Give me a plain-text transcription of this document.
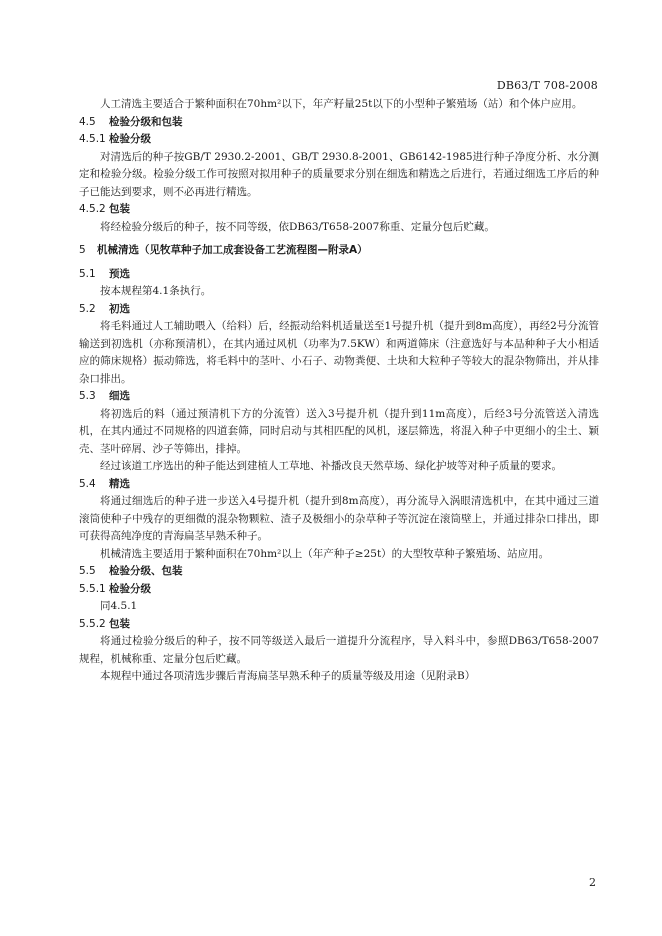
DB63/T 708-2008

人工清选主要适合于繁种面积在70hm²以下，年产籽量25t以下的小型种子繁殖场（站）和个体户应用。

4.5 检验分级和包装
4.5.1 检验分级

对清选后的种子按GB/T 2930.2-2001、GB/T 2930.8-2001、GB6142-1985进行种子净度分析、水分测定和检验分级。检验分级工作可按照对拟用种子的质量要求分别在细选和精选之后进行，若通过细选工序后的种子已能达到要求，则不必再进行精选。

4.5.2 包装

将经检验分级后的种子，按不同等级，依DB63/T658-2007称重、定量分包后贮藏。

5 机械清选（见牧草种子加工成套设备工艺流程图—附录A）
5.1 预选

按本规程第4.1条执行。

5.2 初选

将毛料通过人工辅助喂入（给料）后，经振动给料机适量送至1号提升机（提升到8m高度），再经2号分流管输送到初选机（亦称预清机），在其内通过风机（功率为7.5KW）和两道筛床（注意选好与本品种种子大小相适应的筛床规格）振动筛选，将毛料中的茎叶、小石子、动物粪便、土块和大粒种子等较大的混杂物筛出，并从排杂口排出。

5.3 细选

将初选后的料（通过预清机下方的分流管）送入3号提升机（提升到11m高度），后经3号分流管送入清选机，在其内通过不同规格的四道套筛，同时启动与其相匹配的风机，逐层筛选，将混入种子中更细小的尘土、颖壳、茎叶碎屑、沙子等筛出，排掉。

经过该道工序选出的种子能达到建植人工草地、补播改良天然草场、绿化护坡等对种子质量的要求。

5.4 精选

将通过细选后的种子进一步送入4号提升机（提升到8m高度），再分流导入涡眼清选机中，在其中通过三道滚筒使种子中残存的更细微的混杂物颗粒、渣子及极细小的杂草种子等沉淀在滚筒壁上，并通过排杂口排出，即可获得高纯净度的青海扁茎早熟禾种子。

机械清选主要适用于繁种面积在70hm²以上（年产种子≥25t）的大型牧草种子繁殖场、站应用。

5.5 检验分级、包装
5.5.1 检验分级

同4.5.1

5.5.2 包装

将通过检验分级后的种子，按不同等级送入最后一道提升分流程序，导入料斗中，参照DB63/T658-2007规程，机械称重、定量分包后贮藏。

本规程中通过各项清选步骤后青海扁茎早熟禾种子的质量等级及用途（见附录B）

2
